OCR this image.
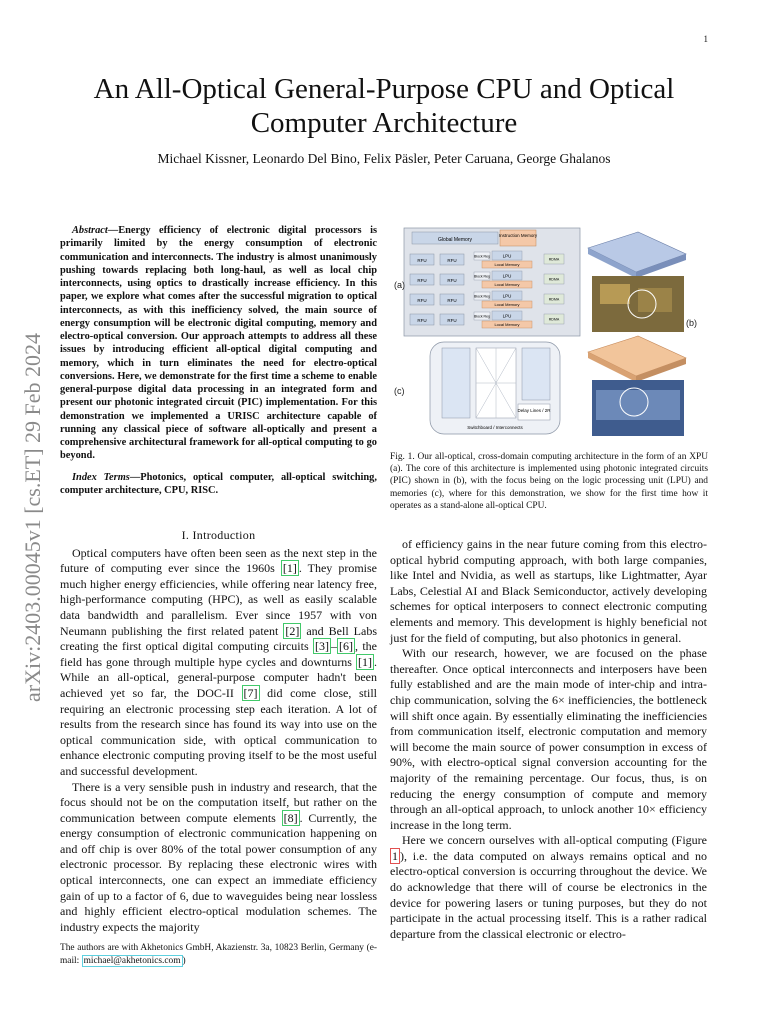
1
arXiv:2403.00045v1 [cs.ET] 29 Feb 2024
An All-Optical General-Purpose CPU and Optical Computer Architecture
Michael Kissner, Leonardo Del Bino, Felix Päsler, Peter Caruana, George Ghalanos

Abstract—Energy efficiency of electronic digital processors is primarily limited by the energy consumption of electronic communication and interconnects. The industry is almost unanimously pushing towards replacing both long-haul, as well as local chip interconnects, using optics to drastically increase efficiency. In this paper, we explore what comes after the successful migration to optical interconnects, as with this inefficiency solved, the main source of energy consumption will be electronic digital computing, memory and electro-optical conversion. Our approach attempts to address all these issues by introducing efficient all-optical digital computing and memory, which in turn eliminates the need for electro-optical conversions. Here, we demonstrate for the first time a scheme to enable general-purpose digital data processing in an integrated form and present our photonic integrated circuit (PIC) implementation. For this demonstration we implemented a URISC architecture capable of running any classical piece of software all-optically and present a comprehensive architectural framework for all-optical computing to go beyond.

Index Terms—Photonics, optical computer, all-optical switching, computer architecture, CPU, RISC.

I. Introduction

Optical computers have often been seen as the next step in the future of computing ever since the 1960s [1] . They promise much higher energy efficiencies, while offering near latency free, high-performance computing (HPC), as well as easily scalable data bandwidth and parallelism. Ever since 1957 with von Neumann publishing the first related patent [2] and Bell Labs creating the first optical digital computing circuits [3] – [6] , the field has gone through multiple hype cycles and downturns [1] . While an all-optical, general-purpose computer hadn't been achieved yet so far, the DOC-II [7] did come close, still requiring an electronic processing step each iteration. A lot of results from the research since has found its way into use on the optical communication side, with optical communication to enhance electronic computing proving itself to be the most useful and successful development.

There is a very sensible push in industry and research, that the focus should not be on the computation itself, but rather on the communication between compute elements [8] . Currently, the energy consumption of electronic communication happening on and off chip is over 80% of the total power consumption of any electronic processor. By replacing these electronic wires with optical interconnects, one can expect an immediate efficiency gain of up to a factor of 6, due to waveguides being near lossless and highly efficient electro-optical modulation schemes. The industry expects the majority

The authors are with Akhetonics GmbH, Akazienstr. 3a, 10823 Berlin, Germany (e-mail: michael@akhetonics.com )
Global Memory
Instruction Memory
RFU	RFU
Block Reg	LPU
Local Memory
RDMA
RFU	RFU
Block Reg	LPU
Local Memory
RDMA
RFU	RFU
Block Reg	LPU
Local Memory
RDMA
RFU	RFU
Block Reg	LPU
Local Memory
RDMA
(a)
Delay Lines / 2R
Switchboard / Interconnects
(c)
(b)
Fig. 1. Our all-optical, cross-domain computing architecture in the form of an XPU (a). The core of this architecture is implemented using photonic integrated circuits (PIC) shown in (b), with the focus being on the logic processing unit (LPU) and memories (c), where for this demonstration, we show for the first time how it operates as a stand-alone all-optical CPU.

of efficiency gains in the near future coming from this electro-optical hybrid computing approach, with both large companies, like Intel and Nvidia, as well as startups, like Lightmatter, Ayar Labs, Celestial AI and Black Semiconductor, actively developing schemes for optical interposers to connect electronic computing elements and memory. This development is highly beneficial not just for the field of computing, but also photonics in general.

With our research, however, we are focused on the phase thereafter. Once optical interconnects and interposers have been fully established and are the main mode of inter-chip and intra-chip communication, solving the 6× inefficiencies, the bottleneck will shift once again. By essentially eliminating the inefficiencies from communication itself, electronic computation and memory will become the main source of power consumption in excess of 90%, with electro-optical signal conversion accounting for the majority of the remaining percentage. Our focus, thus, is on reducing the energy consumption of compute and memory through an all-optical approach, to unlock another 10× efficiency increase in the long term.

Here we concern ourselves with all-optical computing (Figure 1 ), i.e. the data computed on always remains optical and no electro-optical conversion is occurring throughout the device. We do acknowledge that there will of course be electronics in the device for powering lasers or tuning purposes, but they do not participate in the actual processing itself. This is a rather radical departure from the classical electronic or electro-
